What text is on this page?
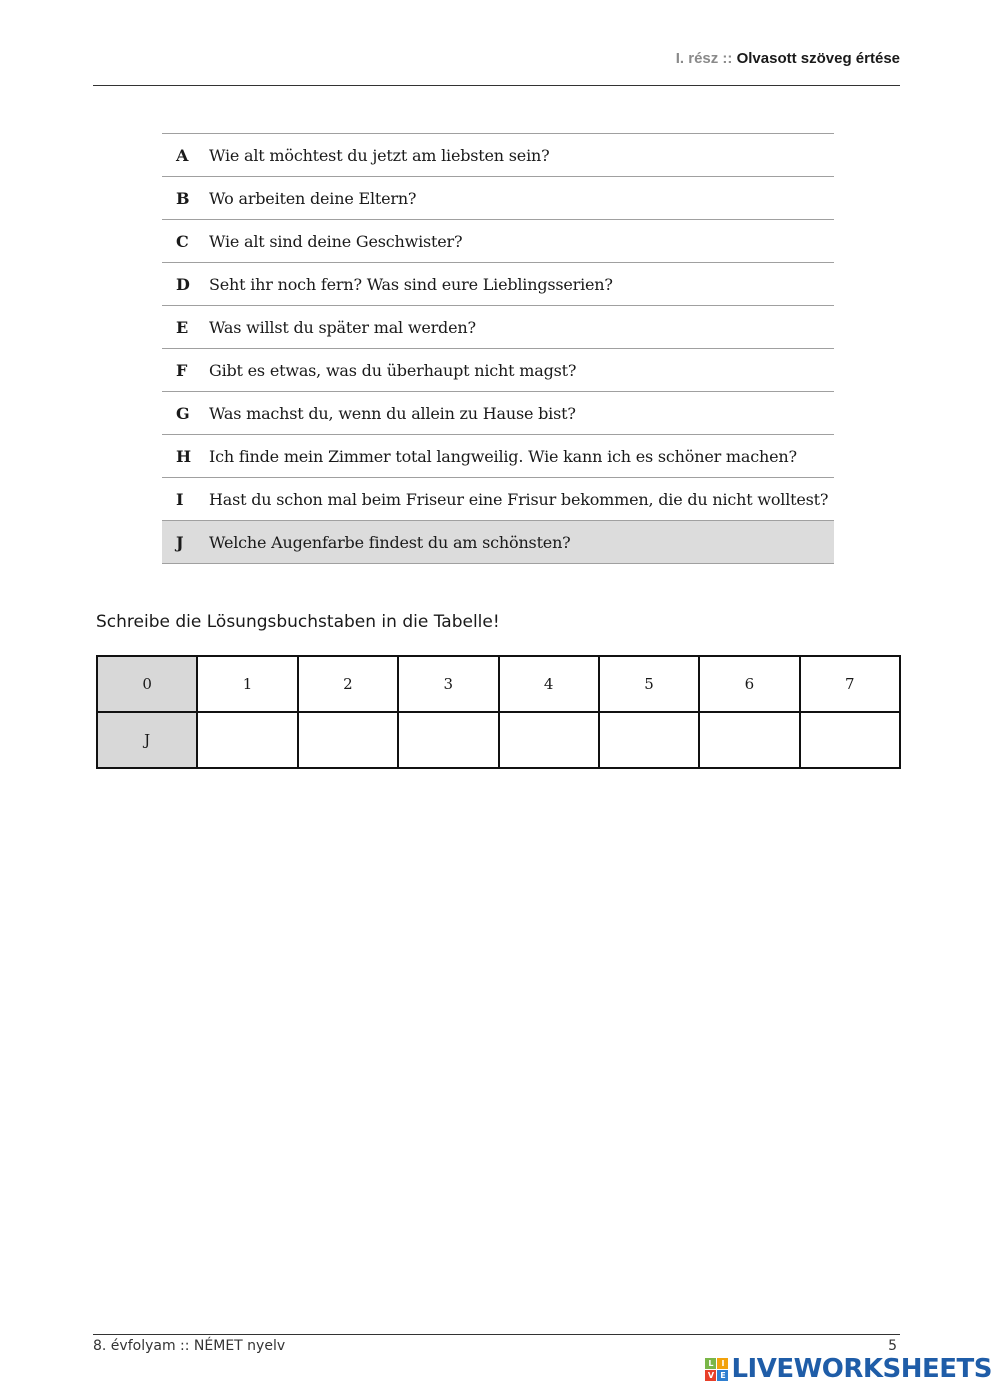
I. rész :: Olvasott szöveg értése
A	Wie alt möchtest du jetzt am liebsten sein?
B	Wo arbeiten deine Eltern?
C	Wie alt sind deine Geschwister?
D	Seht ihr noch fern? Was sind eure Lieblingsserien?
E	Was willst du später mal werden?
F	Gibt es etwas, was du überhaupt nicht magst?
G	Was machst du, wenn du allein zu Hause bist?
H	Ich finde mein Zimmer total langweilig. Wie kann ich es schöner machen?
I	Hast du schon mal beim Friseur eine Frisur bekommen, die du nicht wolltest?
J	Welche Augenfarbe findest du am schönsten?
Schreibe die Lösungsbuchstaben in die Tabelle!
0	1	2	3	4	5	6	7
J							
8. évfolyam :: NÉMET nyelv	5
L I
V E LIVEWORKSHEETS
